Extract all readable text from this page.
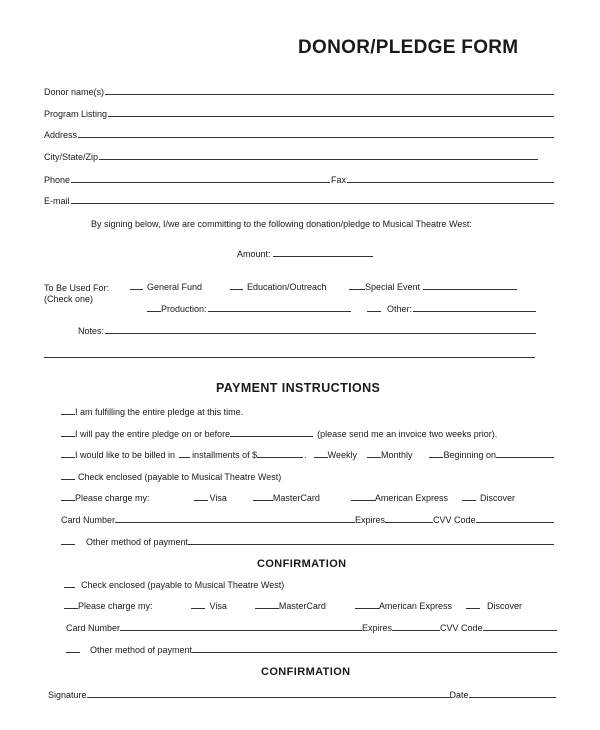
DONOR/PLEDGE FORM
Donor name(s)
Program Listing
Address
City/State/Zip
Phone	Fax
E-mail
By signing below, I/we are committing to the following donation/pledge to Musical Theatre West:
Amount:
To Be Used For:
(Check one)
General Fund	Education/Outreach	Special Event
Production:	Other:
Notes:
PAYMENT INSTRUCTIONS
I am fulfilling the entire pledge at this time.
I will pay the entire pledge on or before	(please send me an invoice two weeks prior).
I would like to be billed in installments of $	. Weekly	Monthly	Beginning on
Check enclosed (payable to Musical Theatre West)
Please charge my:	Visa	MasterCard	American Express	Discover
Card Number	Expires	CVV Code
Other method of payment
CONFIRMATION
Check enclosed (payable to Musical Theatre West)
Please charge my:	Visa	MasterCard	American Express	Discover
Card Number	Expires	CVV Code
Other method of payment
CONFIRMATION
Signature	Date
